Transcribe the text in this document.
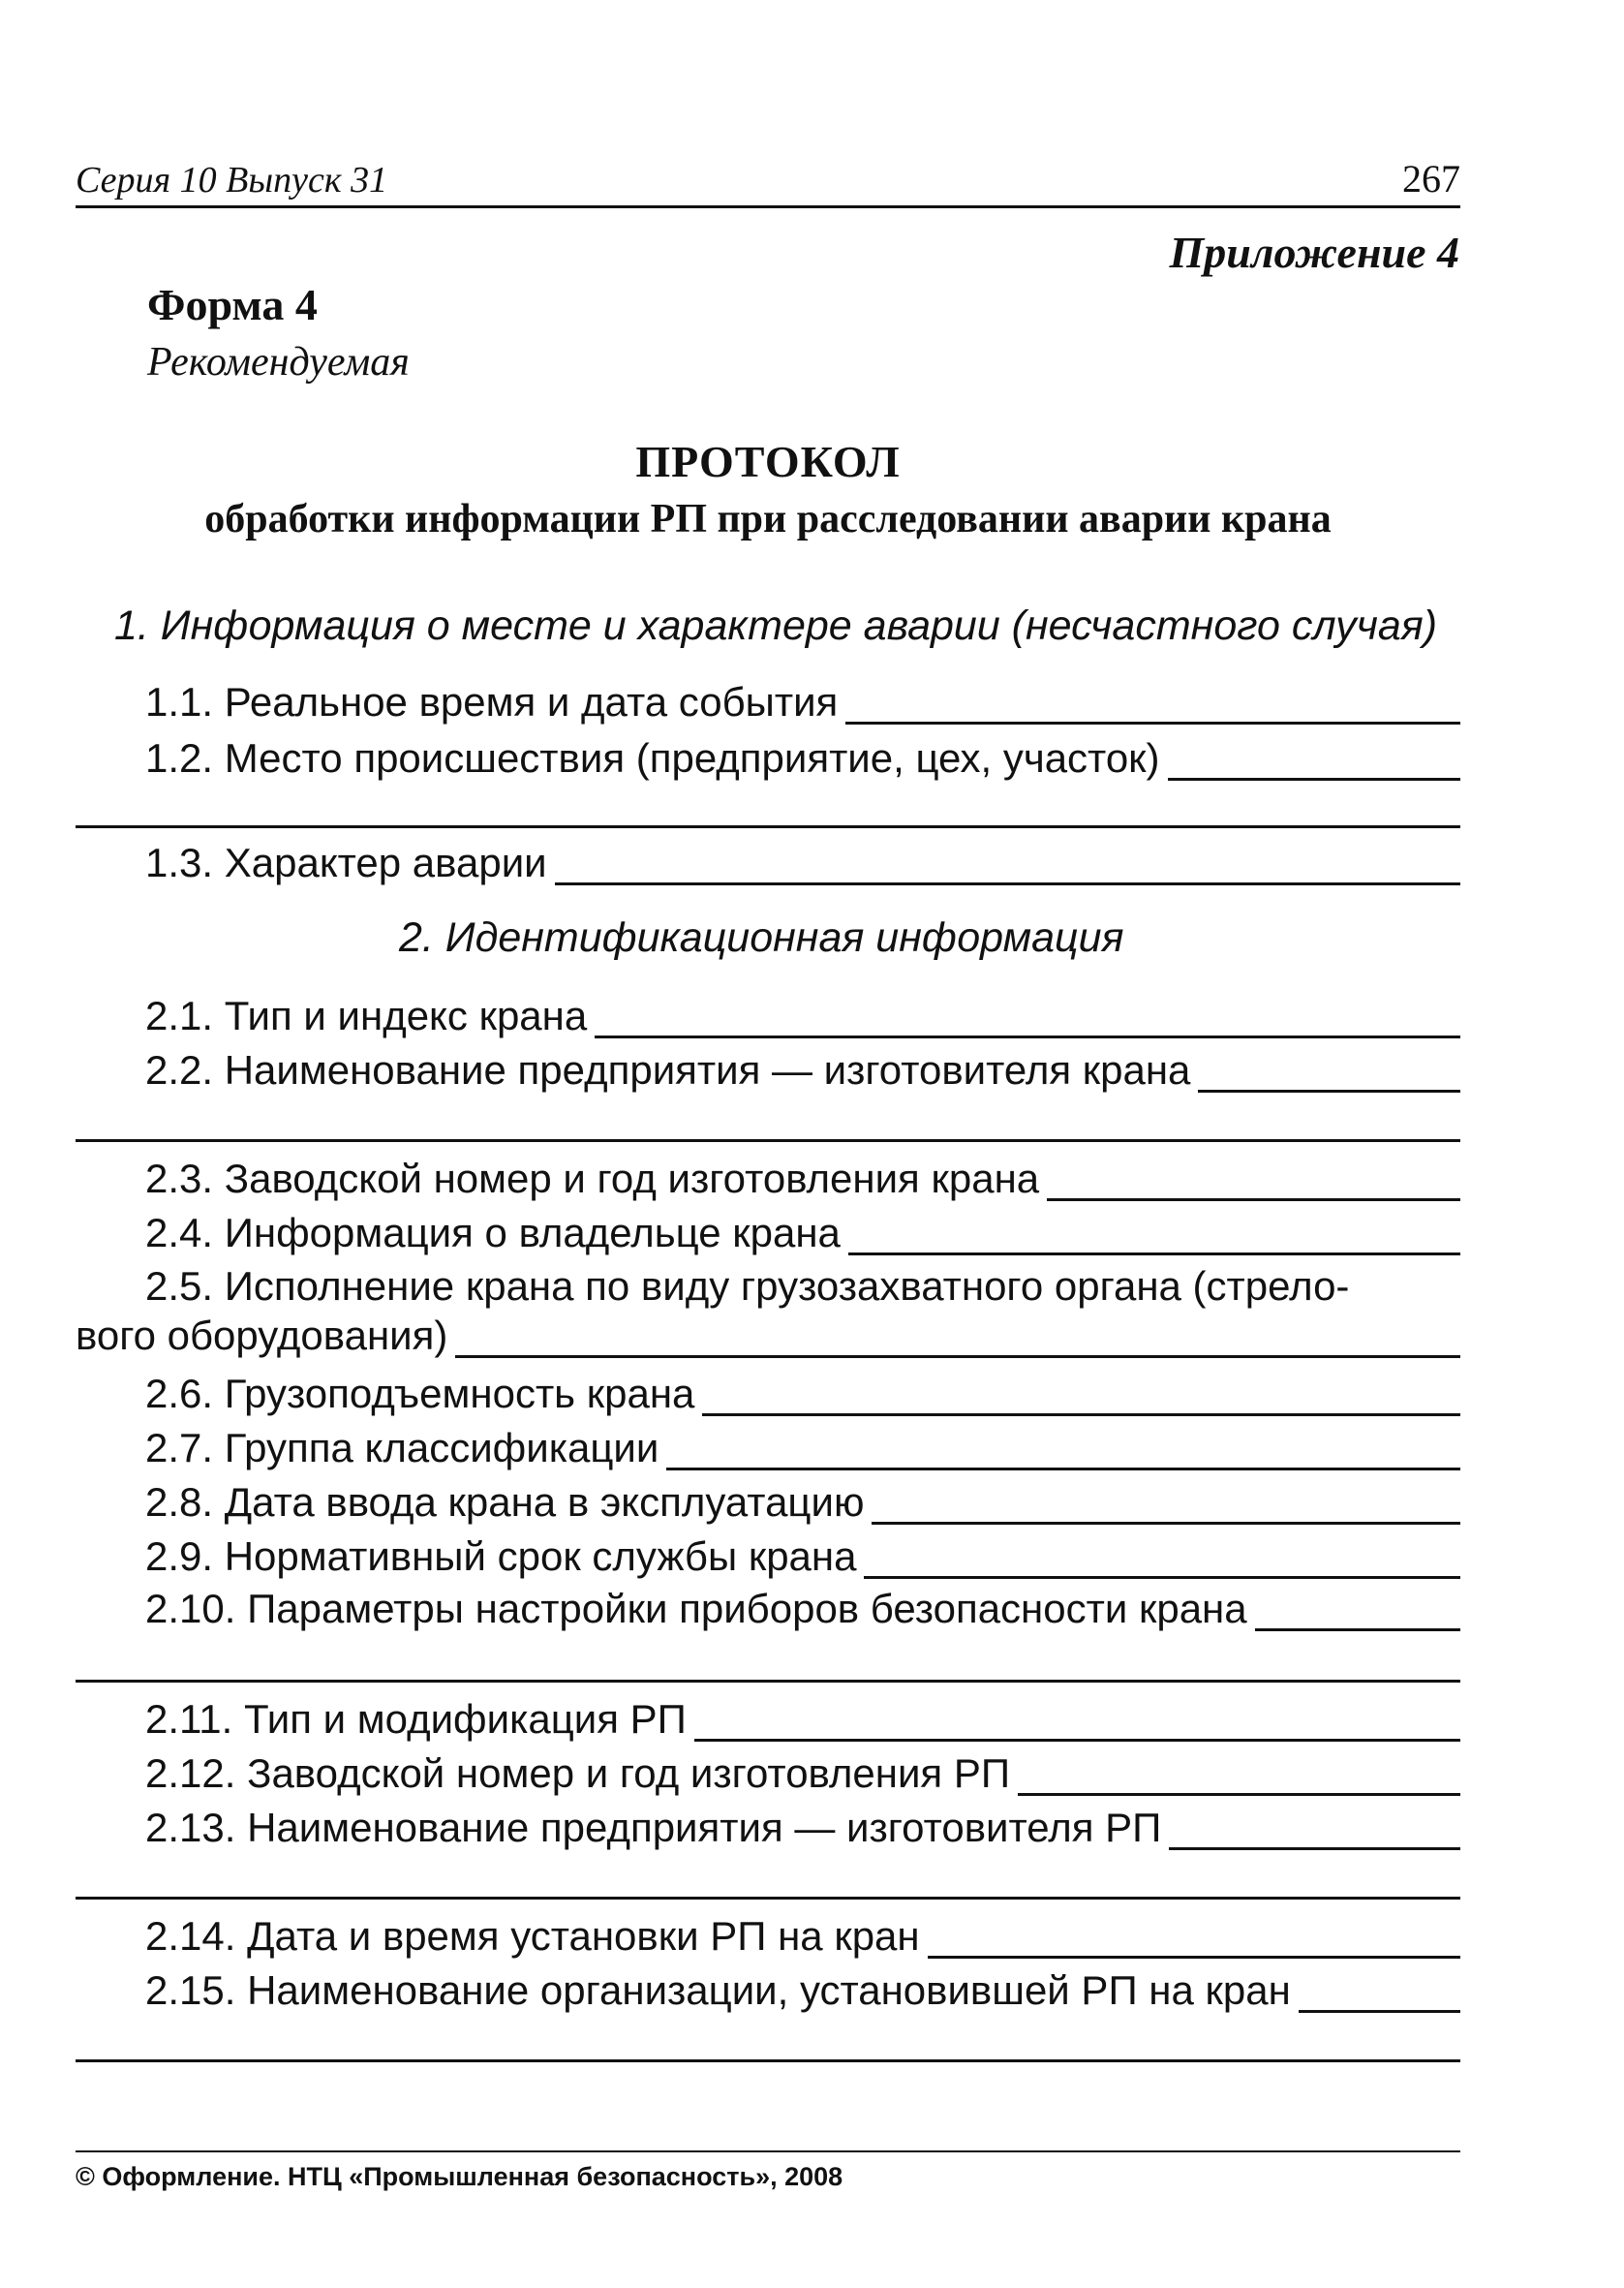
Серия 10 Выпуск 31	267
Приложение 4
Форма 4
Рекомендуемая
ПРОТОКОЛ
обработки информации РП при расследовании аварии крана
1. Информация о месте и характере аварии (несчастного случая)
1.1. Реальное время и дата события
1.2. Место происшествия (предприятие, цех, участок)
1.3. Характер аварии
2. Идентификационная информация
2.1. Тип и индекс крана
2.2. Наименование предприятия — изготовителя крана
2.3. Заводской номер и год изготовления крана
2.4. Информация о владельце крана
2.5. Исполнение крана по виду грузозахватного органа (стрело-
вого оборудования)
2.6. Грузоподъемность крана
2.7. Группа классификации
2.8. Дата ввода крана в эксплуатацию
2.9. Нормативный срок службы крана
2.10. Параметры настройки приборов безопасности крана
2.11. Тип и модификация РП
2.12. Заводской номер и год изготовления РП
2.13. Наименование предприятия — изготовителя РП
2.14. Дата и время установки РП на кран
2.15. Наименование организации, установившей РП на кран
© Оформление. НТЦ «Промышленная безопасность», 2008
